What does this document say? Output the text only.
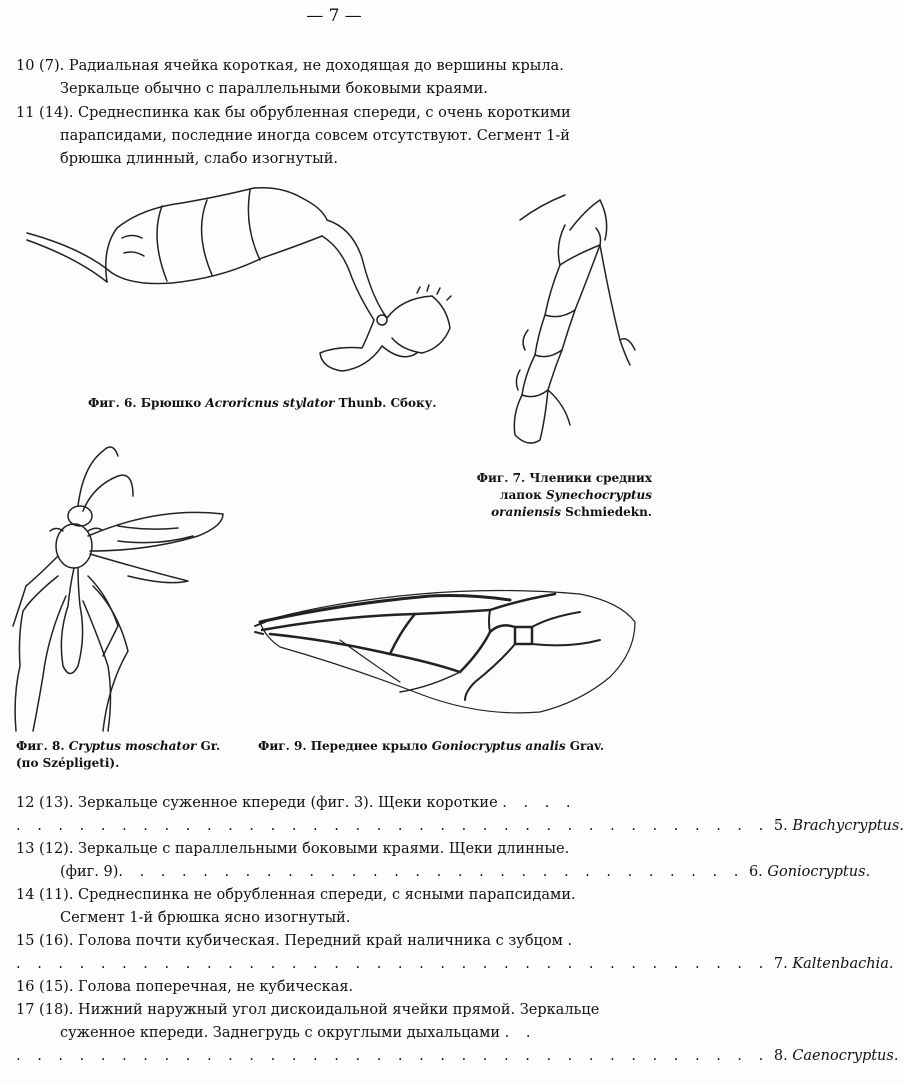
— 7 —
10 (7). Радиальная ячейка короткая, не доходящая до вершины крыла.
Зеркальце обычно с параллельными боковыми краями.
11 (14). Среднеспинка как бы обрубленная спереди, с очень короткими
парапсидами, последние иногда совсем отсутствуют. Сегмент 1-й
брюшка длинный, слабо изогнутый.
Фиг. 6. Брюшко Acroricnus stylator Thunb. Сбоку.
Фиг. 7. Членики средних
лапок Synechocryptus
oraniensis Schmiedekn.
Фиг. 8. Cryptus moschator Gr.
(по Szépligeti).
Фиг. 9. Переднее крыло Goniocryptus analis Grav.
12 (13). Зеркальце суженное кпереди (фиг. 3). Щеки короткие . . . .
. . . . . . . . . . . . . . . . . . . . . . . . . . . . . . . . . . . . 5. Brachycryptus.
13 (12). Зеркальце с параллельными боковыми краями. Щеки длинные.
(фиг. 9) . . . . . . . . . . . . . . . . . . . . . . . . . . . . . . 6. Goniocryptus.
14 (11). Среднеспинка не обрубленная спереди, с ясными парапсидами.
Сегмент 1-й брюшка ясно изогнутый.
15 (16). Голова почти кубическая. Передний край наличника с зубцом .
. . . . . . . . . . . . . . . . . . . . . . . . . . . . . . . . . . . . 7. Kaltenbachia.
16 (15). Голова поперечная, не кубическая.
17 (18). Нижний наружный угол дискоидальной ячейки прямой. Зеркальце
суженное кпереди. Заднегрудь с округлыми дыхальцами . .
. . . . . . . . . . . . . . . . . . . . . . . . . . . . . . . . . . . . 8. Caenocryptus.
